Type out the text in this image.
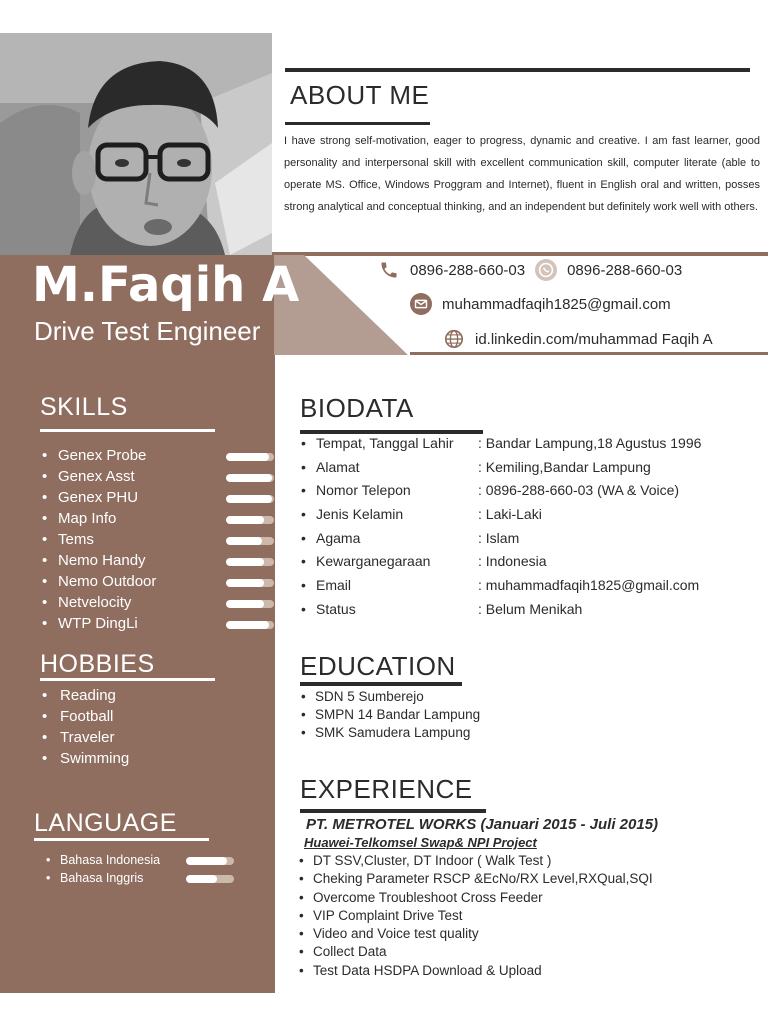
ABOUT ME
I have strong self-motivation, eager to progress, dynamic and creative. I am fast learner, good personality and interpersonal skill with excellent communication skill, computer literate (able to operate MS. Office, Windows Proggram and Internet), fluent in English oral and written, posses strong analytical and conceptual thinking, and an independent but definitely work well with others.
M.Faqih A
Drive Test Engineer
0896-288-660-03	0896-288-660-03
muhammadfaqih1825@gmail.com
id.linkedin.com/muhammad Faqih A
SKILLS
• Genex Probe
• Genex Asst
• Genex PHU
• Map Info
• Tems
• Nemo Handy
• Nemo Outdoor
• Netvelocity
• WTP DingLi
HOBBIES
• Reading
• Football
• Traveler
• Swimming
LANGUAGE
• Bahasa Indonesia
• Bahasa Inggris
BIODATA
• Tempat, Tanggal Lahir : Bandar Lampung,18 Agustus 1996
• Alamat	: Kemiling,Bandar Lampung
• Nomor Telepon	: 0896-288-660-03 (WA & Voice)
• Jenis Kelamin	: Laki-Laki
• Agama	: Islam
• Kewarganegaraan	: Indonesia
• Email	: muhammadfaqih1825@gmail.com
• Status	: Belum Menikah
EDUCATION
• SDN 5 Sumberejo
• SMPN 14 Bandar Lampung
• SMK Samudera Lampung
EXPERIENCE
PT. METROTEL WORKS (Januari 2015 - Juli 2015)
Huawei-Telkomsel Swap& NPI Project
• DT SSV,Cluster, DT Indoor ( Walk Test )
• Cheking Parameter RSCP &EcNo/RX Level,RXQual,SQI
• Overcome Troubleshoot Cross Feeder
• VIP Complaint Drive Test
• Video and Voice test quality
• Collect Data
• Test Data HSDPA Download & Upload
